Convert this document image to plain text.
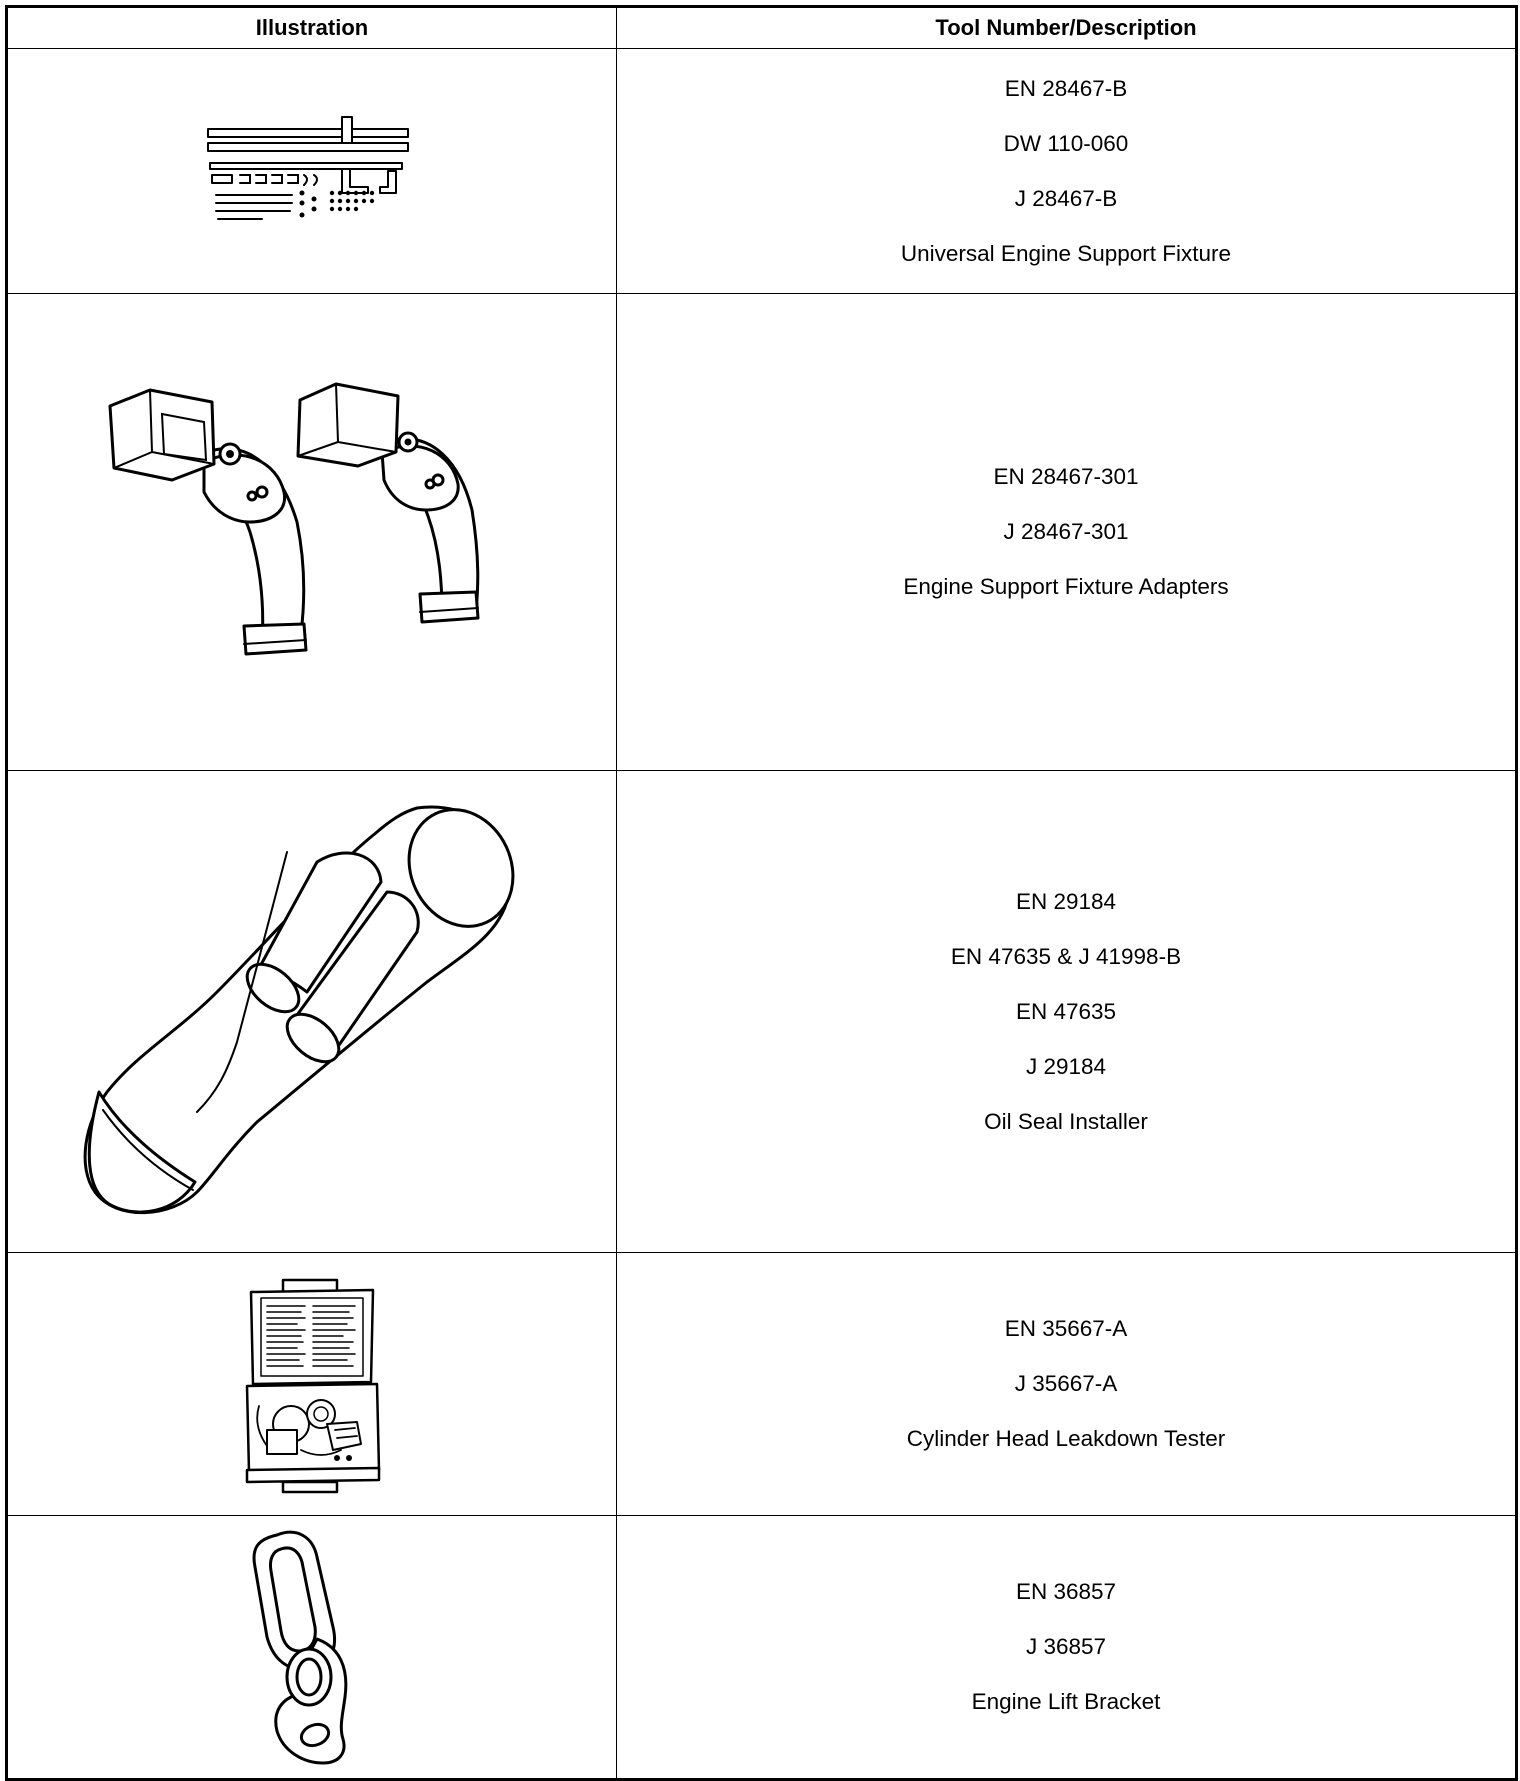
Illustration	Tool Number/Description

EN 28467-B
DW 110-060
J 28467-B
Universal Engine Support Fixture

EN 28467-301
J 28467-301
Engine Support Fixture Adapters

EN 29184
EN 47635 & J 41998-B
EN 47635
J 29184
Oil Seal Installer

EN 35667-A
J 35667-A
Cylinder Head Leakdown Tester

EN 36857
J 36857
Engine Lift Bracket
